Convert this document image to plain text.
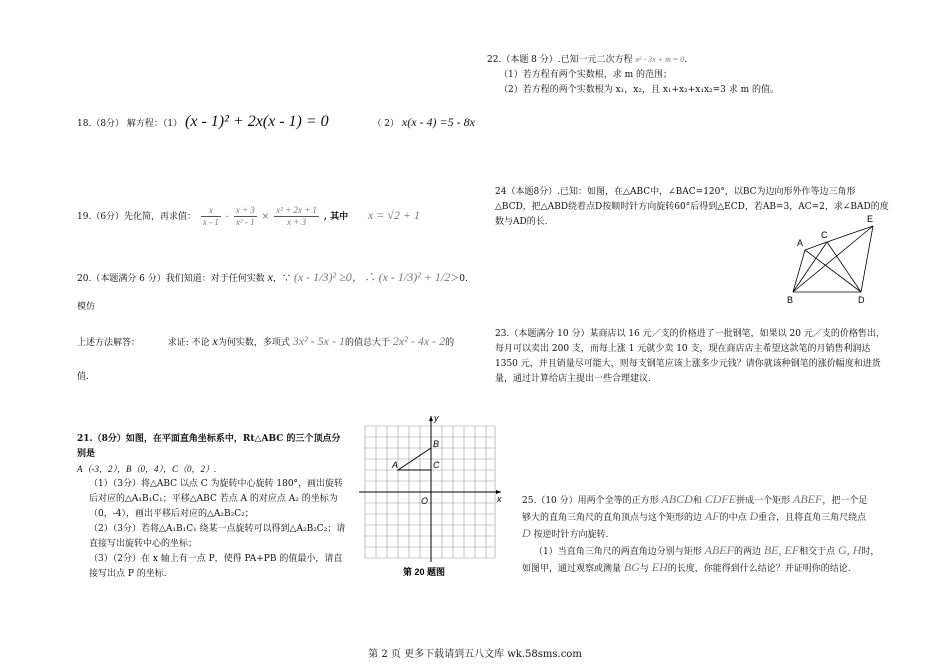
18.（8分） 解方程：（1） (x - 1)² + 2x(x - 1) = 0	（ 2） x(x - 4) =5 - 8x
19.（6分）先化简，再求值： $\frac{x}{x - 1} - \frac{x + 3}{\text{x² - 1}} \times \frac{\text{x² + 2x + 1}}{x + 3}$ , 其中 x = √2 + 1

20.（本题满分 6 分）我们知道：对于任何实数 x，∵ (x - 1/3)² ≥0，∴ (x - 1/3)² + 1/2＞0. 模仿

上述方法解答：	求证: 不论 x为何实数，多项式 3x² - 5x - 1的值总大于 2x² - 4x - 2的

值.

21.（8分）如图，在平面直角坐标系中，Rt△ABC 的三个顶点分别是

A（-3，2），B（0，4），C（0，2）.

（1）（3分）将△ABC 以点 C 为旋转中心旋转 180°，画出旋转后对应的△A₁B₁C₁；平移△ABC 若点 A 的对应点 A₂ 的坐标为（0，-4），画出平移后对应的△A₂B₂C₂；

（2）（3分）若将△A₁B₁C₁ 绕某一点旋转可以得到△A₂B₂C₂；请直接写出旋转中心的坐标；

（3）（2分）在 x 轴上有一点 P，使得 PA+PB 的值最小，请直接写出点 P 的坐标.

A
B
C
O	x
y
第 20 题图

22.（本题 8 分）.已知一元二次方程 x² - 3x + m = 0.

（1）若方程有两个实数根，求 m 的范围；

（2）若方程的两个实数根为 x₁，x₂，且 x₁+x₂+x₁x₂=3 求 m 的值。

24（本题8分）.已知：如图，在△ABC中，∠BAC=120°，以BC为边向形外作等边三角形△BCD，把△ABD绕着点D按顺时针方向旋转60°后得到△ECD，若AB=3，AC=2，求∠BAD的度数与AD的长.

A
B
C
D
E

23.（本题满分 10 分）某商店以 16 元／支的价格进了一批钢笔，如果以 20 元／支的价格售出，每月可以卖出 200 支，而每上涨 1 元就少卖 10 支，现在商店店主希望这款笔的月销售利润达 1350 元，并且销量尽可能大，则每支钢笔应该上涨多少元钱？请你就该种钢笔的涨价幅度和进货量，通过计算给店主提出一些合理建议.

25.（10 分）用两个全等的正方形 ABCD和 CDFE拼成一个矩形 ABEF，把一个足

够大的直角三角尺的直角顶点与这个矩形的边 AF的中点 D重合，且将直角三角尺绕点

D 按逆时针方向旋转.

（1）当直角三角尺的两直角边分别与矩形 ABEF的两边 BE, EF相交于点 G, H时，

如图甲，通过观察或测量 BG与 EH的长度，你能得到什么结论？并证明你的结论.

第 2 页 更多下载请到五八文库 wk.58sms.com
